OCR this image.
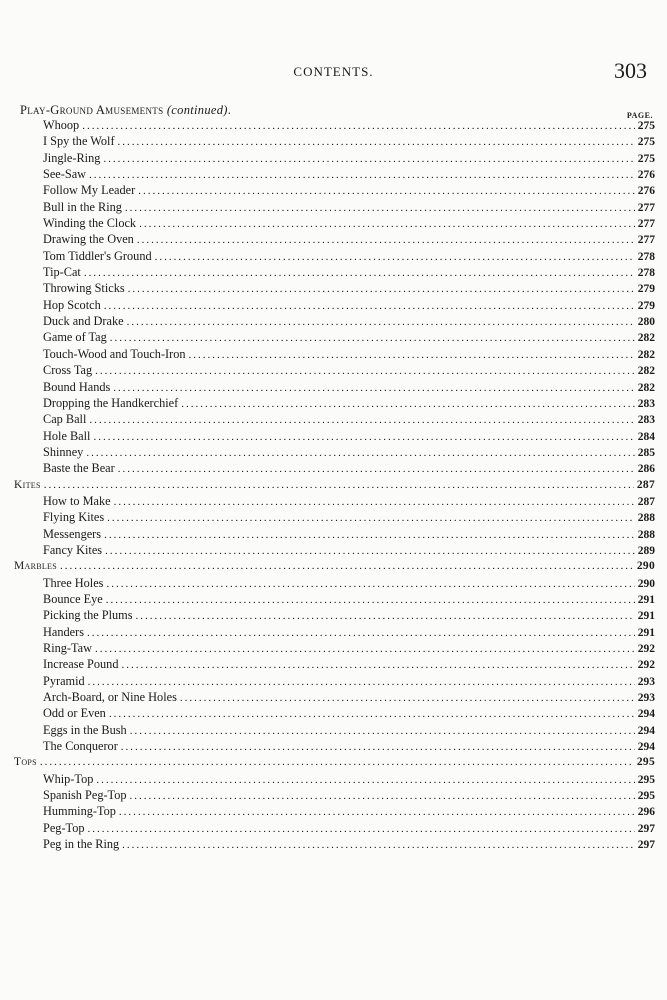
CONTENTS.	303
Play-Ground Amusements (continued).	PAGE.
Whoop .....	275
I Spy the Wolf .....	275
Jingle-Ring .....	275
See-Saw .....	276
Follow My Leader .....	276
Bull in the Ring .....	277
Winding the Clock .....	277
Drawing the Oven .....	277
Tom Tiddler's Ground .....	278
Tip-Cat .....	278
Throwing Sticks .....	279
Hop Scotch .....	279
Duck and Drake .....	280
Game of Tag .....	282
Touch-Wood and Touch-Iron .....	282
Cross Tag .....	282
Bound Hands .....	282
Dropping the Handkerchief .....	283
Cap Ball .....	283
Hole Ball .....	284
Shinney .....	285
Baste the Bear .....	286
Kites .....	287
How to Make .....	287
Flying Kites .....	288
Messengers .....	288
Fancy Kites .....	289
Marbles .....	290
Three Holes .....	290
Bounce Eye .....	291
Picking the Plums .....	291
Handers .....	291
Ring-Taw .....	292
Increase Pound .....	292
Pyramid .....	293
Arch-Board, or Nine Holes .....	293
Odd or Even .....	294
Eggs in the Bush .....	294
The Conqueror .....	294
Tops .....	295
Whip-Top .....	295
Spanish Peg-Top .....	295
Humming-Top .....	296
Peg-Top .....	297
Peg in the Ring .....	297
